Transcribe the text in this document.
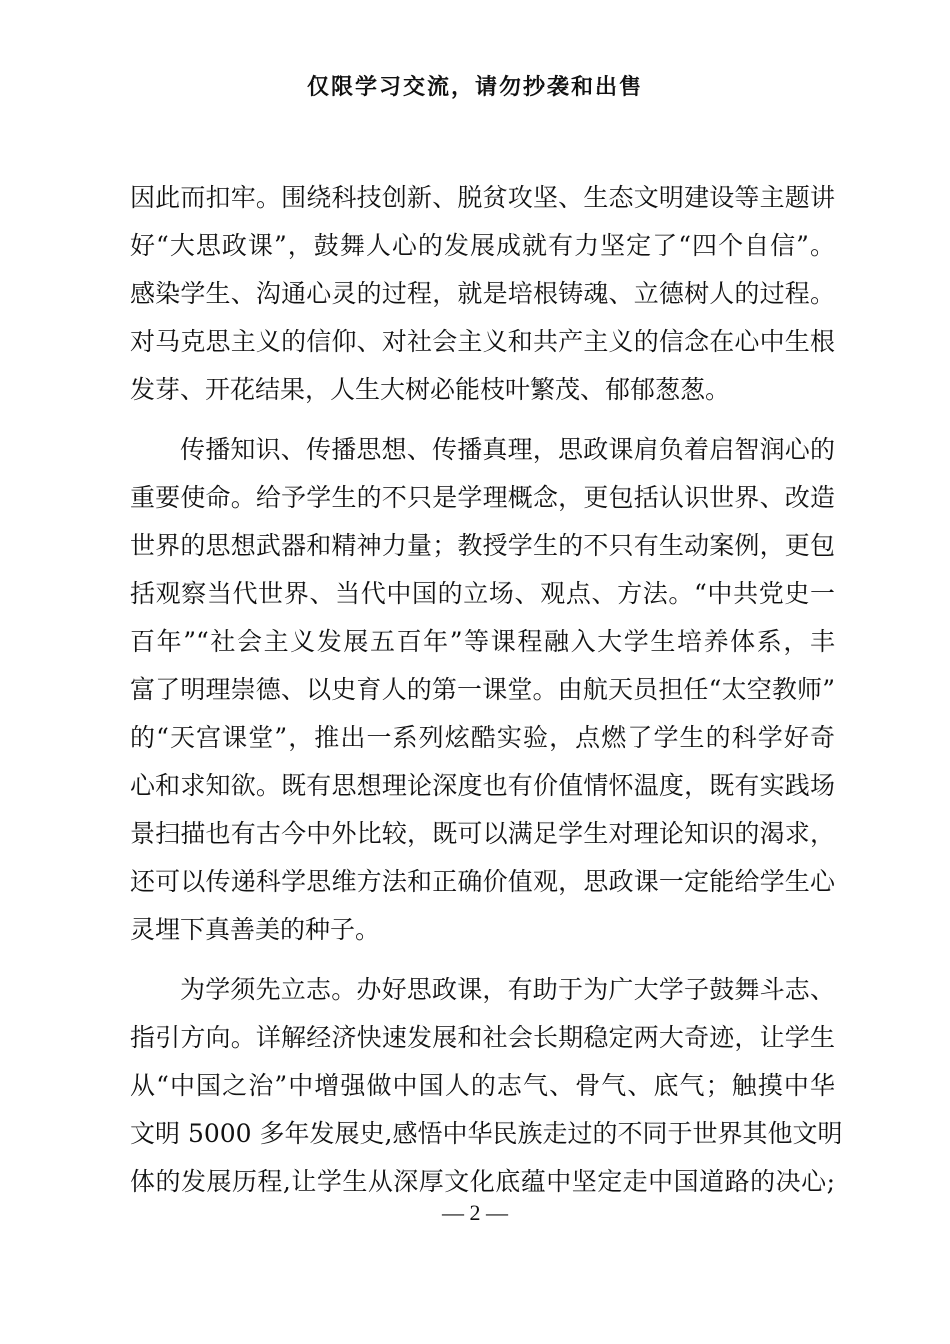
仅限学习交流，请勿抄袭和出售
因此而扣牢。围绕科技创新、脱贫攻坚、生态文明建设等主题讲
好“大思政课”，鼓舞人心的发展成就有力坚定了“四个自信”。
感染学生、沟通心灵的过程，就是培根铸魂、立德树人的过程。
对马克思主义的信仰、对社会主义和共产主义的信念在心中生根
发芽、开花结果，人生大树必能枝叶繁茂、郁郁葱葱。
传播知识、传播思想、传播真理，思政课肩负着启智润心的
重要使命。给予学生的不只是学理概念，更包括认识世界、改造
世界的思想武器和精神力量；教授学生的不只有生动案例，更包
括观察当代世界、当代中国的立场、观点、方法。“中共党史一
百年”“社会主义发展五百年”等课程融入大学生培养体系，丰
富了明理崇德、以史育人的第一课堂。由航天员担任“太空教师”
的“天宫课堂”，推出一系列炫酷实验，点燃了学生的科学好奇
心和求知欲。既有思想理论深度也有价值情怀温度，既有实践场
景扫描也有古今中外比较，既可以满足学生对理论知识的渴求，
还可以传递科学思维方法和正确价值观，思政课一定能给学生心
灵埋下真善美的种子。
为学须先立志。办好思政课，有助于为广大学子鼓舞斗志、
指引方向。详解经济快速发展和社会长期稳定两大奇迹，让学生
从“中国之治”中增强做中国人的志气、骨气、底气；触摸中华
文明 5000 多年发展史,感悟中华民族走过的不同于世界其他文明
体的发展历程,让学生从深厚文化底蕴中坚定走中国道路的决心;
— 2 —
